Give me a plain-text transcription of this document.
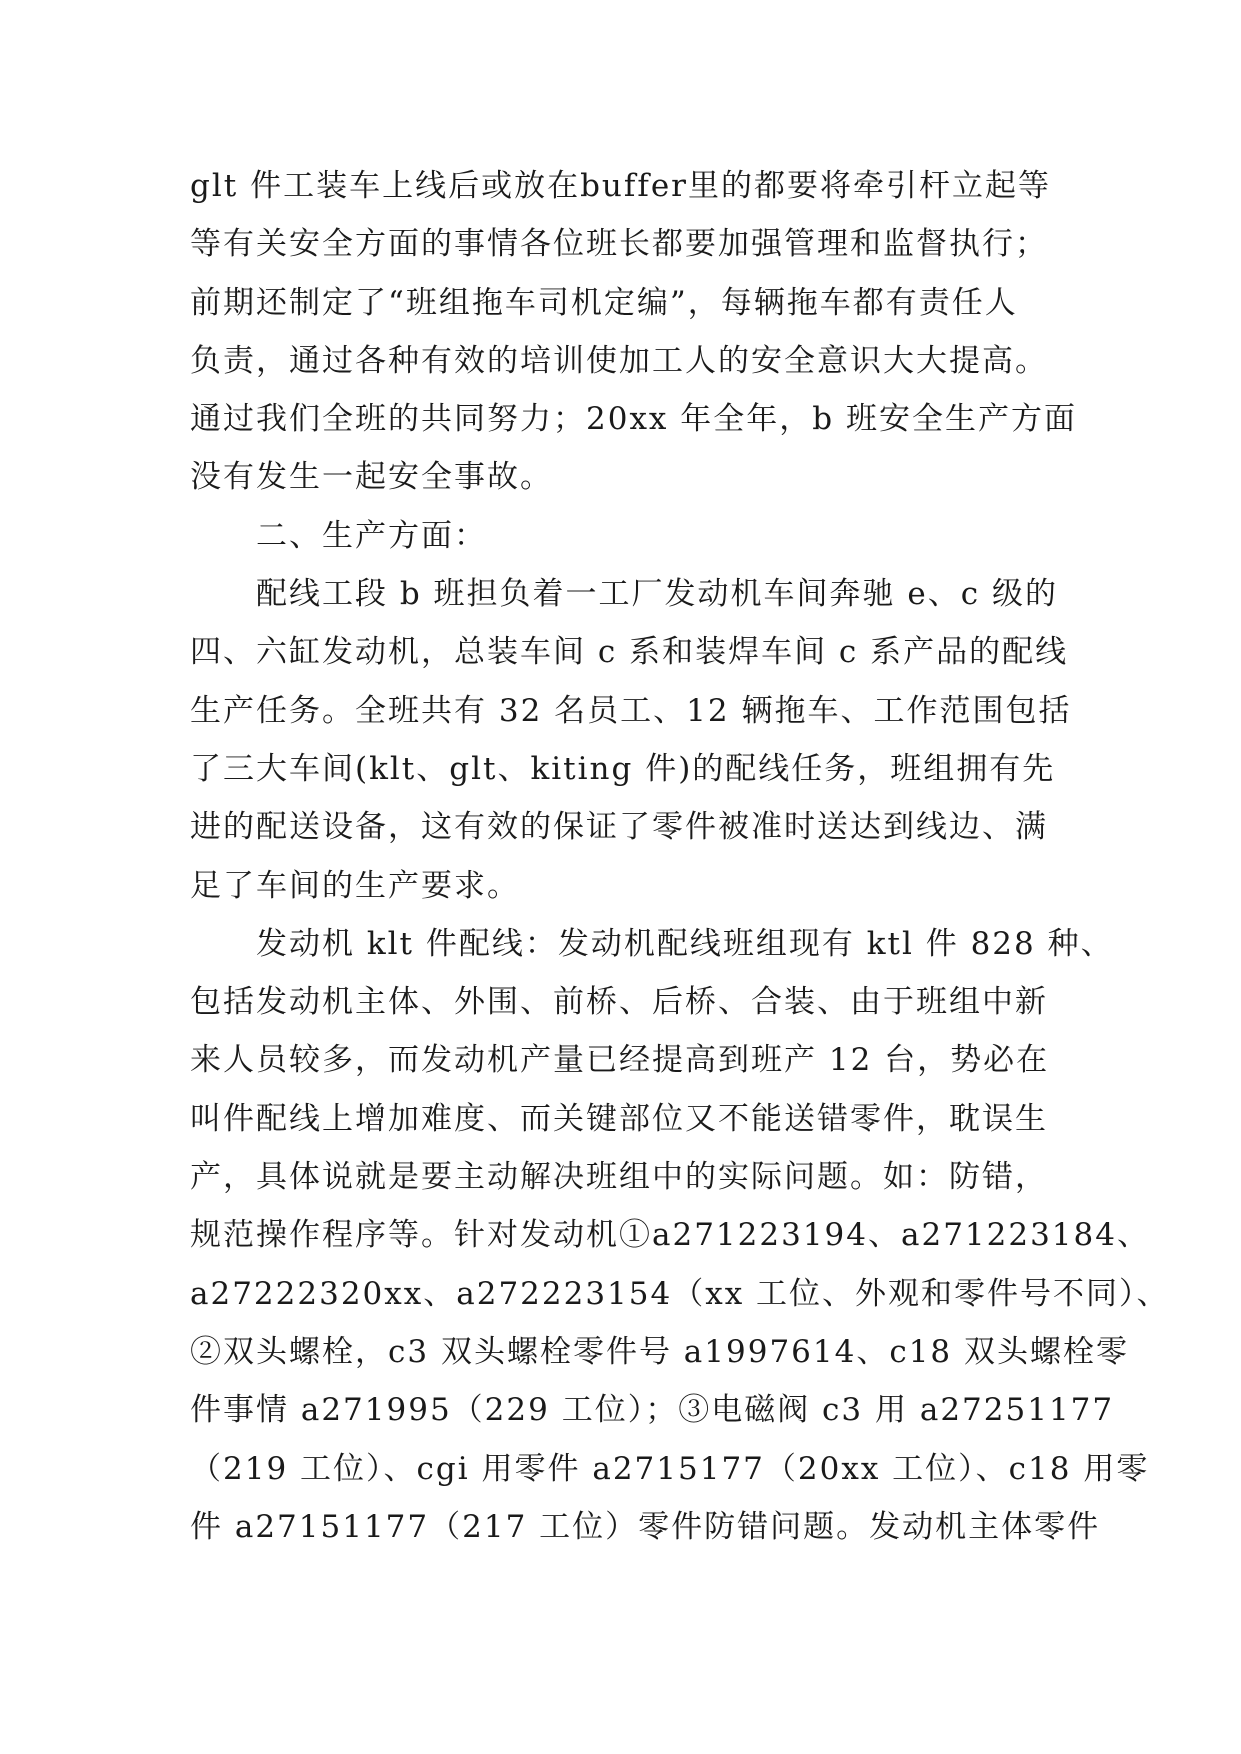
glt 件工装车上线后或放在buffer里的都要将牵引杆立起等
等有关安全方面的事情各位班长都要加强管理和监督执行；
前期还制定了“班组拖车司机定编”，每辆拖车都有责任人
负责，通过各种有效的培训使加工人的安全意识大大提高。
通过我们全班的共同努力；20xx 年全年，b 班安全生产方面
没有发生一起安全事故。
二、生产方面：
配线工段 b 班担负着一工厂发动机车间奔驰 e、c 级的
四、六缸发动机，总装车间 c 系和装焊车间 c 系产品的配线
生产任务。全班共有 32 名员工、12 辆拖车、工作范围包括
了三大车间(klt、glt、kiting 件)的配线任务，班组拥有先
进的配送设备，这有效的保证了零件被准时送达到线边、满
足了车间的生产要求。
发动机 klt 件配线：发动机配线班组现有 ktl 件 828 种、
包括发动机主体、外围、前桥、后桥、合装、由于班组中新
来人员较多，而发动机产量已经提高到班产 12 台，势必在
叫件配线上增加难度、而关键部位又不能送错零件，耽误生
产，具体说就是要主动解决班组中的实际问题。如：防错，
规范操作程序等。针对发动机①a271223194、a271223184、
a27222320xx、a272223154（xx 工位、外观和零件号不同）、
②双头螺栓，c3 双头螺栓零件号 a1997614、c18 双头螺栓零
件事情 a271995（229 工位）；③电磁阀 c3 用 a27251177
（219 工位）、cgi 用零件 a2715177（20xx 工位）、c18 用零
件 a27151177（217 工位）零件防错问题。发动机主体零件
